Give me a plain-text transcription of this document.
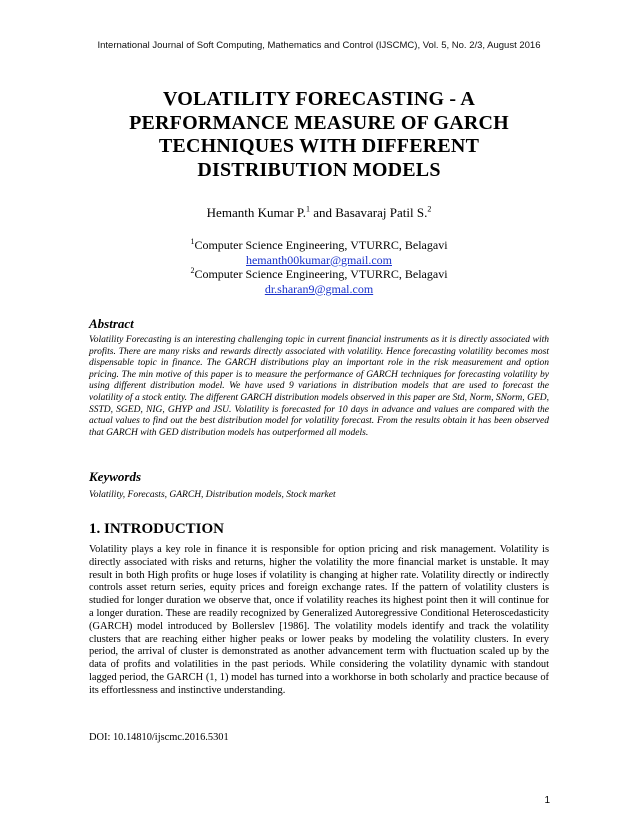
International Journal of Soft Computing, Mathematics and Control (IJSCMC), Vol. 5, No. 2/3, August 2016
VOLATILITY FORECASTING - A
PERFORMANCE MEASURE OF GARCH
TECHNIQUES WITH DIFFERENT
DISTRIBUTION MODELS
Hemanth Kumar P.$^1$ and Basavaraj Patil S.$^2$
$^1$Computer Science Engineering, VTURRC, Belagavi
hemanth00kumar@gmail.com
$^2$Computer Science Engineering, VTURRC, Belagavi
dr.sharan9@gmal.com
Abstract

Volatility Forecasting is an interesting challenging topic in current financial instruments as it is directly associated with profits. There are many risks and rewards directly associated with volatility. Hence forecasting volatility becomes most dispensable topic in finance. The GARCH distributions play an important role in the risk measurement and option pricing. The min motive of this paper is to measure the performance of GARCH techniques for forecasting volatility by using different distribution model. We have used 9 variations in distribution models that are used to forecast the volatility of a stock entity. The different GARCH distribution models observed in this paper are Std, Norm, SNorm, GED, SSTD, SGED, NIG, GHYP and JSU. Volatility is forecasted for 10 days in advance and values are compared with the actual values to find out the best distribution model for volatility forecast. From the results obtain it has been observed that GARCH with GED distribution models has outperformed all models.

Keywords
Volatility, Forecasts, GARCH, Distribution models, Stock market
1. INTRODUCTION

Volatility plays a key role in finance it is responsible for option pricing and risk management. Volatility is directly associated with risks and returns, higher the volatility the more financial market is unstable. It may result in both High profits or huge loses if volatility is changing at higher rate. Volatility directly or indirectly controls asset return series, equity prices and foreign exchange rates. If the pattern of volatility clusters is studied for longer duration we observe that, once if volatility reaches its highest point then it will continue for a longer duration. These are readily recognized by Generalized Autoregressive Conditional Heteroscedasticity (GARCH) model introduced by Bollerslev [1986]. The volatility models identify and track the volatility clusters that are reaching either higher peaks or lower peaks by modeling the volatility clusters. In every period, the arrival of cluster is demonstrated as another advancement term with fluctuation scaled up by the data of profits and volatilities in the past periods. While considering the volatility dynamic with standout lagged period, the GARCH (1, 1) model has turned into a workhorse in both scholarly and practice because of its effortlessness and instinctive understanding.

DOI: 10.14810/ijscmc.2016.5301
1
